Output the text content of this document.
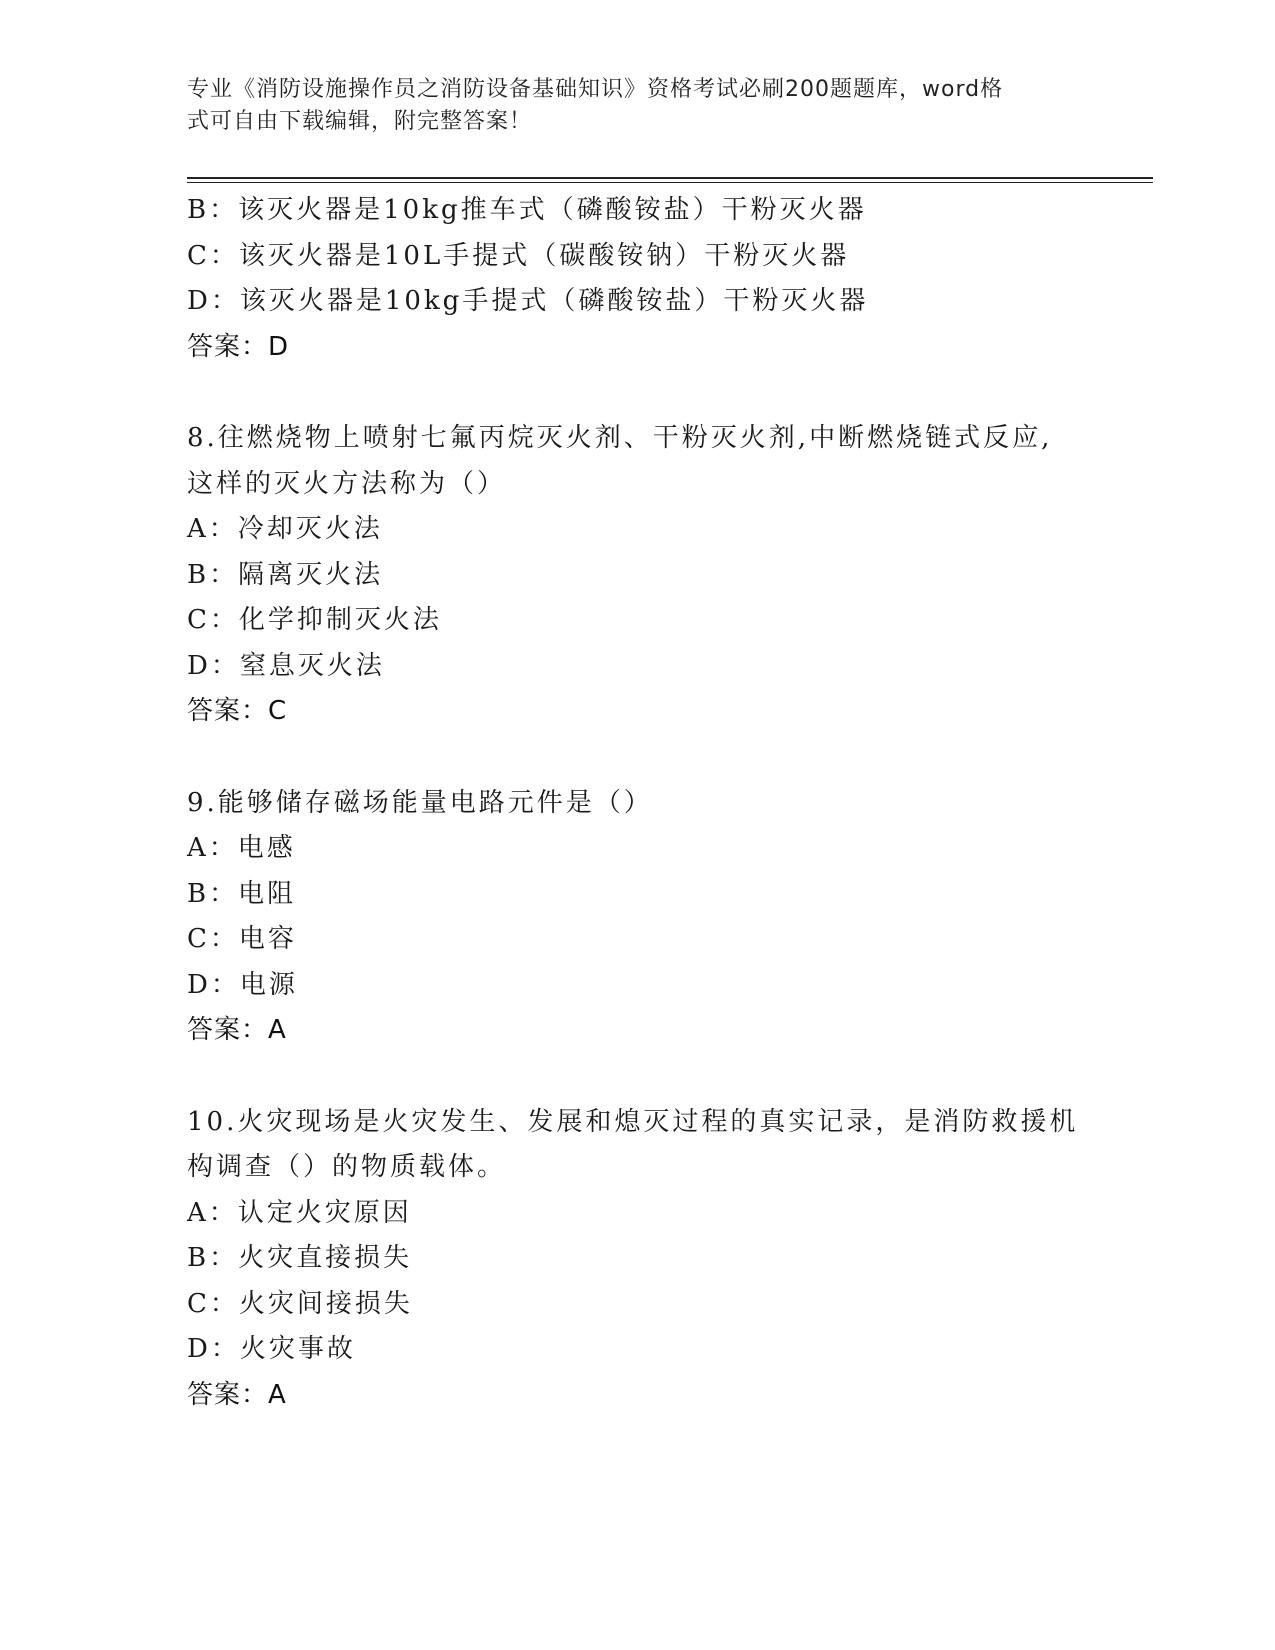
专业《消防设施操作员之消防设备基础知识》资格考试必刷200题题库，word格
式可自由下载编辑，附完整答案！
B：该灭火器是10kg推车式（磷酸铵盐）干粉灭火器
C：该灭火器是10L手提式（碳酸铵钠）干粉灭火器
D：该灭火器是10kg手提式（磷酸铵盐）干粉灭火器
答案：D
8.往燃烧物上喷射七氟丙烷灭火剂、干粉灭火剂,中断燃烧链式反应,
这样的灭火方法称为（）
A：冷却灭火法
B：隔离灭火法
C：化学抑制灭火法
D：窒息灭火法
答案：C
9.能够储存磁场能量电路元件是（）
A：电感
B：电阻
C：电容
D：电源
答案：A
10.火灾现场是火灾发生、发展和熄灭过程的真实记录，是消防救援机
构调查（）的物质载体。
A：认定火灾原因
B：火灾直接损失
C：火灾间接损失
D：火灾事故
答案：A
